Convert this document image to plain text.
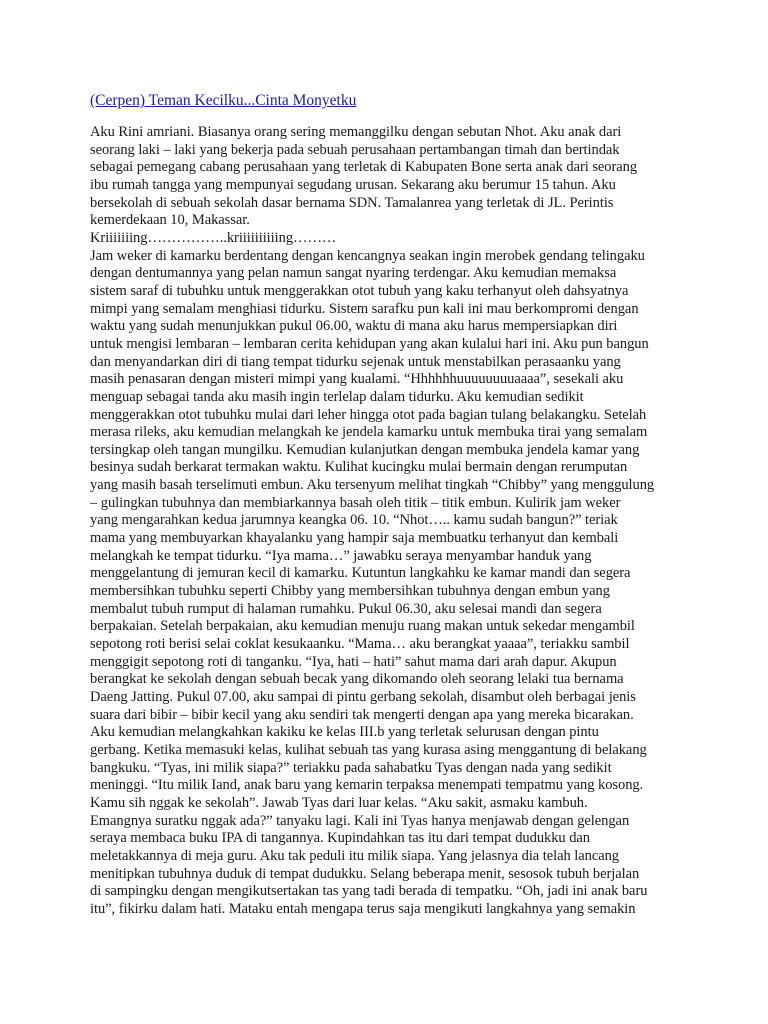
(Cerpen) Teman Kecilku...Cinta Monyetku
Aku Rini amriani. Biasanya orang sering memanggilku dengan sebutan Nhot. Aku anak dari
seorang laki – laki yang bekerja pada sebuah perusahaan pertambangan timah dan bertindak
sebagai pemegang cabang perusahaan yang terletak di Kabupaten Bone serta anak dari seorang
ibu rumah tangga yang mempunyai segudang urusan. Sekarang aku berumur 15 tahun. Aku
bersekolah di sebuah sekolah dasar bernama SDN. Tamalanrea yang terletak di JL. Perintis
kemerdekaan 10, Makassar.
Kriiiiiiing……………..kriiiiiiiiiing………
Jam weker di kamarku berdentang dengan kencangnya seakan ingin merobek gendang telingaku
dengan dentumannya yang pelan namun sangat nyaring terdengar. Aku kemudian memaksa
sistem saraf di tubuhku untuk menggerakkan otot tubuh yang kaku terhanyut oleh dahsyatnya
mimpi yang semalam menghiasi tidurku. Sistem sarafku pun kali ini mau berkompromi dengan
waktu yang sudah menunjukkan pukul 06.00, waktu di mana aku harus mempersiapkan diri
untuk mengisi lembaran – lembaran cerita kehidupan yang akan kulalui hari ini. Aku pun bangun
dan menyandarkan diri di tiang tempat tidurku sejenak untuk menstabilkan perasaanku yang
masih penasaran dengan misteri mimpi yang kualami. “Hhhhhhuuuuuuuuaaaa”, sesekali aku
menguap sebagai tanda aku masih ingin terlelap dalam tidurku. Aku kemudian sedikit
menggerakkan otot tubuhku mulai dari leher hingga otot pada bagian tulang belakangku. Setelah
merasa rileks, aku kemudian melangkah ke jendela kamarku untuk membuka tirai yang semalam
tersingkap oleh tangan mungilku. Kemudian kulanjutkan dengan membuka jendela kamar yang
besinya sudah berkarat termakan waktu. Kulihat kucingku mulai bermain dengan rerumputan
yang masih basah terselimuti embun. Aku tersenyum melihat tingkah “Chibby” yang menggulung
– gulingkan tubuhnya dan membiarkannya basah oleh titik – titik embun. Kulirik jam weker
yang mengarahkan kedua jarumnya keangka 06. 10. “Nhot….. kamu sudah bangun?” teriak
mama yang membuyarkan khayalanku yang hampir saja membuatku terhanyut dan kembali
melangkah ke tempat tidurku. “Iya mama…” jawabku seraya menyambar handuk yang
menggelantung di jemuran kecil di kamarku. Kutuntun langkahku ke kamar mandi dan segera
membersihkan tubuhku seperti Chibby yang membersihkan tubuhnya dengan embun yang
membalut tubuh rumput di halaman rumahku. Pukul 06.30, aku selesai mandi dan segera
berpakaian. Setelah berpakaian, aku kemudian menuju ruang makan untuk sekedar mengambil
sepotong roti berisi selai coklat kesukaanku. “Mama… aku berangkat yaaaa”, teriakku sambil
menggigit sepotong roti di tanganku. “Iya, hati – hati” sahut mama dari arah dapur. Akupun
berangkat ke sekolah dengan sebuah becak yang dikomando oleh seorang lelaki tua bernama
Daeng Jatting. Pukul 07.00, aku sampai di pintu gerbang sekolah, disambut oleh berbagai jenis
suara dari bibir – bibir kecil yang aku sendiri tak mengerti dengan apa yang mereka bicarakan.
Aku kemudian melangkahkan kakiku ke kelas III.b yang terletak selurusan dengan pintu
gerbang. Ketika memasuki kelas, kulihat sebuah tas yang kurasa asing menggantung di belakang
bangkuku. “Tyas, ini milik siapa?” teriakku pada sahabatku Tyas dengan nada yang sedikit
meninggi. “Itu milik Iand, anak baru yang kemarin terpaksa menempati tempatmu yang kosong.
Kamu sih nggak ke sekolah”. Jawab Tyas dari luar kelas. “Aku sakit, asmaku kambuh.
Emangnya suratku nggak ada?” tanyaku lagi. Kali ini Tyas hanya menjawab dengan gelengan
seraya membaca buku IPA di tangannya. Kupindahkan tas itu dari tempat dudukku dan
meletakkannya di meja guru. Aku tak peduli itu milik siapa. Yang jelasnya dia telah lancang
menitipkan tubuhnya duduk di tempat dudukku. Selang beberapa menit, sesosok tubuh berjalan
di sampingku dengan mengikutsertakan tas yang tadi berada di tempatku. “Oh, jadi ini anak baru
itu”, fikirku dalam hati. Mataku entah mengapa terus saja mengikuti langkahnya yang semakin
